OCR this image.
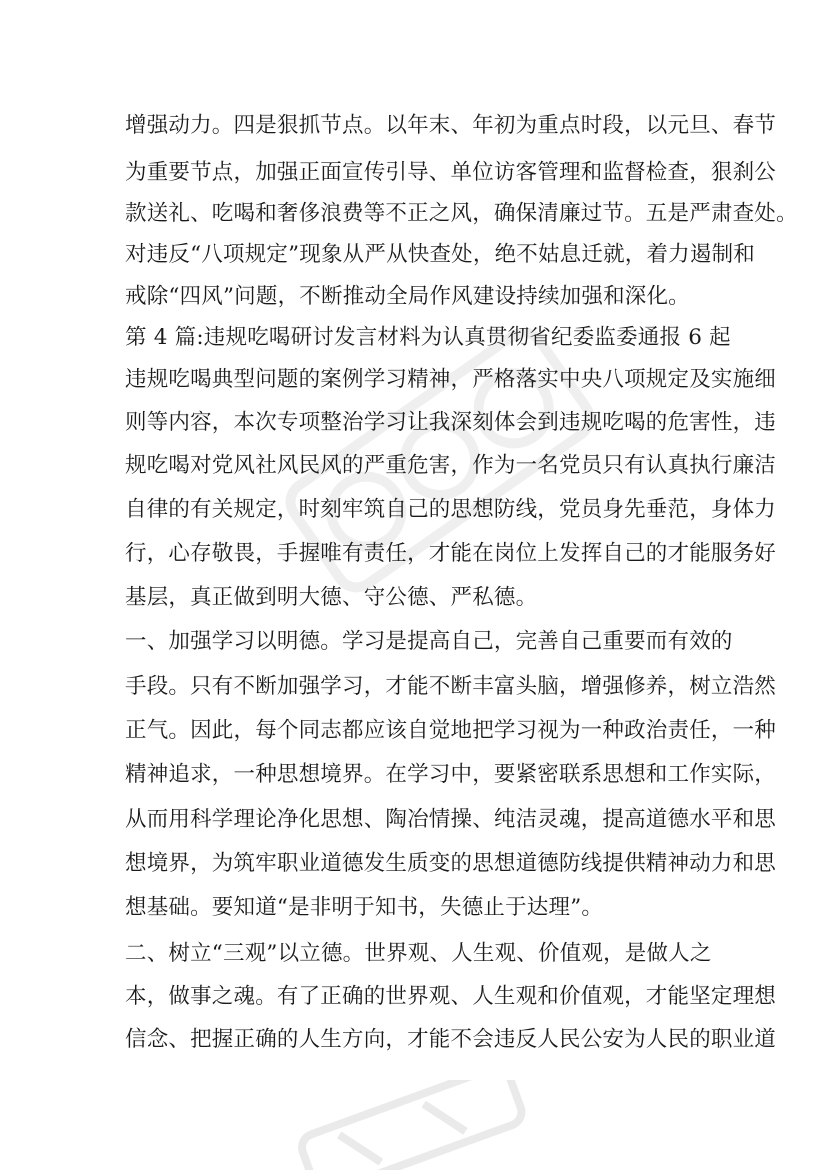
增强动力。四是狠抓节点。以年末、年初为重点时段，以元旦、春节
为重要节点，加强正面宣传引导、单位访客管理和监督检查，狠刹公
款送礼、吃喝和奢侈浪费等不正之风，确保清廉过节。五是严肃查处。
对违反“八项规定”现象从严从快查处，绝不姑息迁就，着力遏制和
戒除“四风”问题，不断推动全局作风建设持续加强和深化。
第 4 篇:违规吃喝研讨发言材料为认真贯彻省纪委监委通报 6 起
违规吃喝典型问题的案例学习精神，严格落实中央八项规定及实施细
则等内容，本次专项整治学习让我深刻体会到违规吃喝的危害性，违
规吃喝对党风社风民风的严重危害，作为一名党员只有认真执行廉洁
自律的有关规定，时刻牢筑自己的思想防线，党员身先垂范，身体力
行，心存敬畏，手握唯有责任，才能在岗位上发挥自己的才能服务好
基层，真正做到明大德、守公德、严私德。
一、加强学习以明德。学习是提高自己，完善自己重要而有效的
手段。只有不断加强学习，才能不断丰富头脑，增强修养，树立浩然
正气。因此，每个同志都应该自觉地把学习视为一种政治责任，一种
精神追求，一种思想境界。在学习中，要紧密联系思想和工作实际，
从而用科学理论净化思想、陶冶情操、纯洁灵魂，提高道德水平和思
想境界，为筑牢职业道德发生质变的思想道德防线提供精神动力和思
想基础。要知道“是非明于知书，失德止于达理”。
二、树立“三观”以立德。世界观、人生观、价值观，是做人之
本，做事之魂。有了正确的世界观、人生观和价值观，才能坚定理想
信念、把握正确的人生方向，才能不会违反人民公安为人民的职业道
